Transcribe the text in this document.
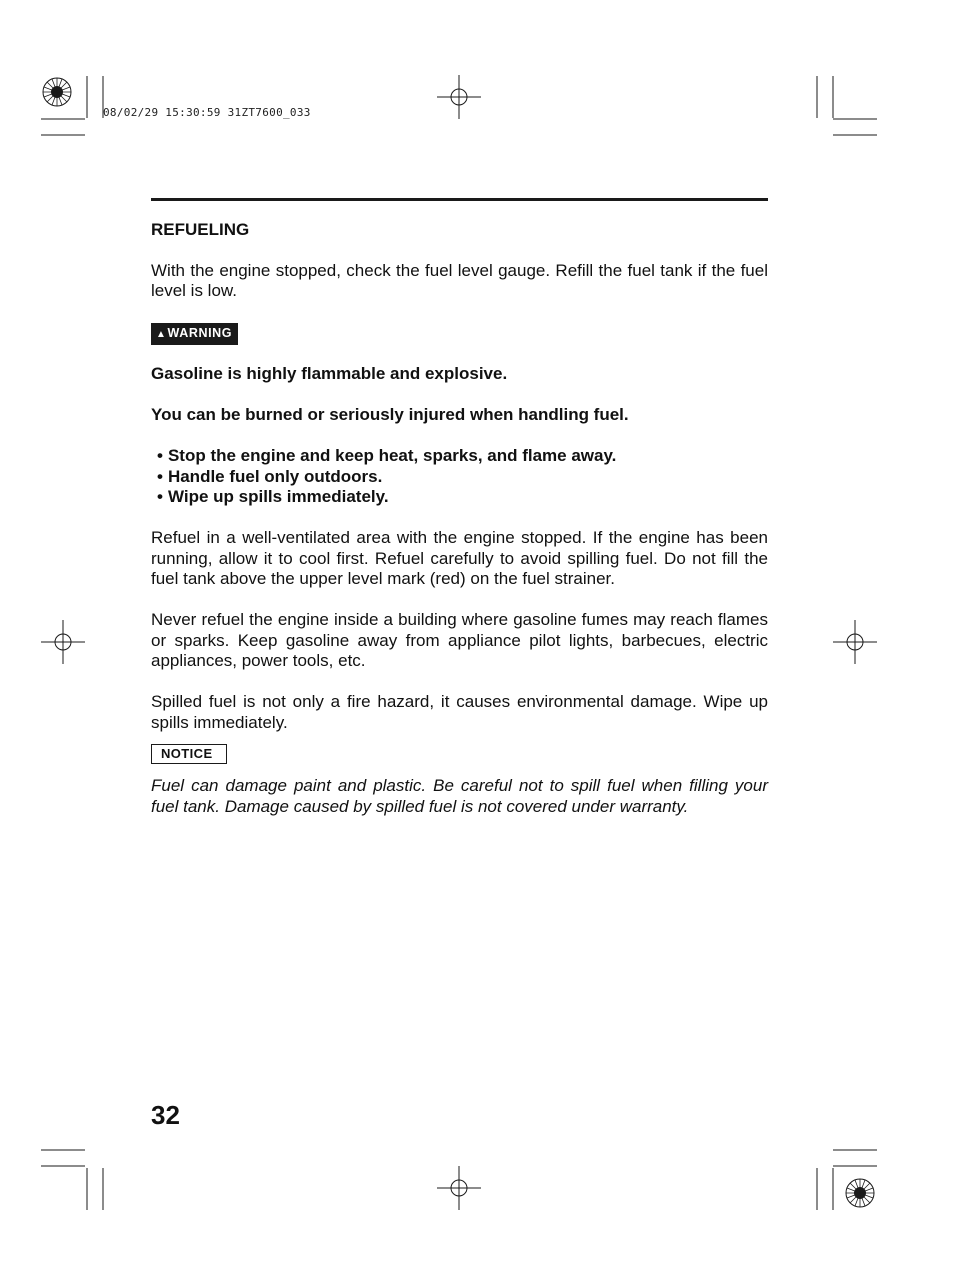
08/02/29 15:30:59 31ZT7600_033
REFUELING

With the engine stopped, check the fuel level gauge. Refill the fuel tank if the fuel level is low.

▲WARNING
Gasoline is highly flammable and explosive.
You can be burned or seriously injured when handling fuel.
• Stop the engine and keep heat, sparks, and flame away.
• Handle fuel only outdoors.
• Wipe up spills immediately.

Refuel in a well-ventilated area with the engine stopped. If the engine has been running, allow it to cool first. Refuel carefully to avoid spilling fuel. Do not fill the fuel tank above the upper level mark (red) on the fuel strainer.

Never refuel the engine inside a building where gasoline fumes may reach flames or sparks. Keep gasoline away from appliance pilot lights, barbecues, electric appliances, power tools, etc.

Spilled fuel is not only a fire hazard, it causes environmental damage. Wipe up spills immediately.

NOTICE

Fuel can damage paint and plastic. Be careful not to spill fuel when filling your fuel tank. Damage caused by spilled fuel is not covered under warranty.

32
